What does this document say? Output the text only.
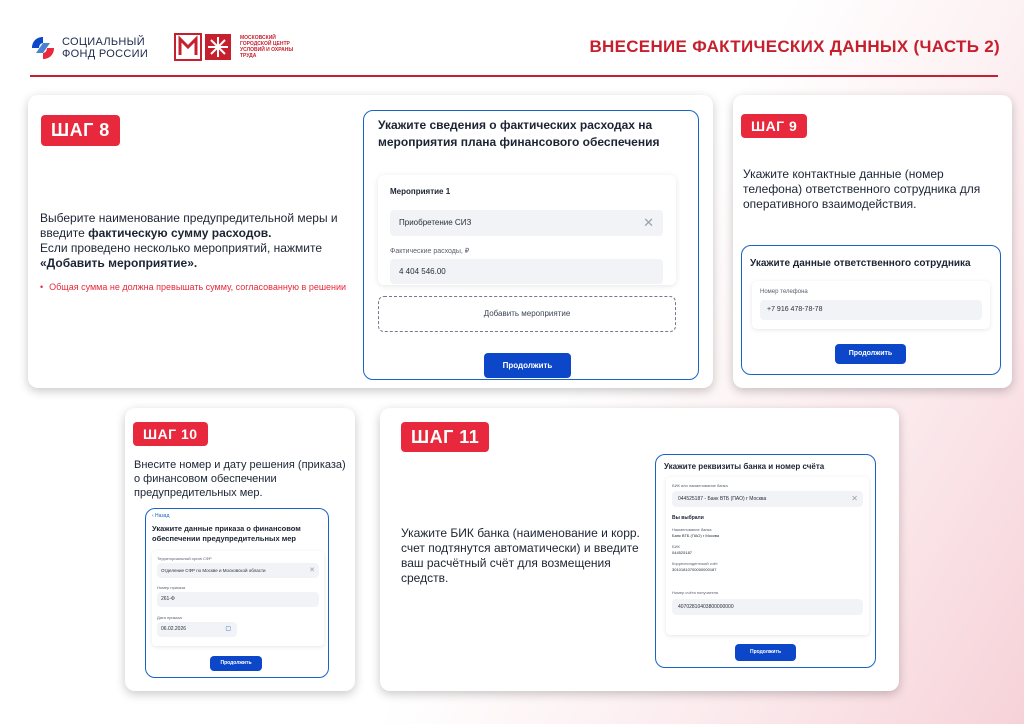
СОЦИАЛЬНЫЙ
ФОНД РОССИИ
МОСКОВСКИЙ ГОРОДСКОЙ ЦЕНТР УСЛОВИЙ И ОХРАНЫ ТРУДА	ВНЕСЕНИЕ ФАКТИЧЕСКИХ ДАННЫХ (ЧАСТЬ 2)
ШАГ 8
Выберите наименование предупредительной меры и введите фактическую сумму расходов.
Если проведено несколько мероприятий, нажмите «Добавить мероприятие».
• Общая сумма не должна превышать сумму, согласованную в решении
Укажите сведения о фактических расходах на мероприятия плана финансового обеспечения
Мероприятие 1
Приобретение СИЗ	✕
Фактические расходы, ₽
4 404 546.00
Добавить мероприятие
Продолжить
ШАГ 9
Укажите контактные данные (номер телефона) ответственного сотрудника для оперативного взаимодействия.
Укажите данные ответственного сотрудника
Номер телефона
+7 916 478-78-78
Продолжить
ШАГ 10
Внесите номер и дату решения (приказа) о финансовом обеспечении предупредительных мер.
‹ Назад
Укажите данные приказа о финансовом обеспечении предупредительных мер
Территориальный орган СФР
Отделение СФР по Москве и Московской области	✕
Номер приказа
261-Ф
Дата приказа
06.02.2026	▢
Продолжить
ШАГ 11
Укажите БИК банка (наименование и корр. счет подтянутся автоматически) и введите ваш расчётный счёт для возмещения средств.
Укажите реквизиты банка и номер счёта
БИК или наименование банка
044525187 - Банк ВТБ (ПАО) г Москва	✕
Вы выбрали
Наименование банка
Банк ВТБ (ПАО) г Москва
БИК
044525187
Корреспондентский счёт
30101810700000000187
Номер счёта получателя
40702810403800000000
Продолжить
